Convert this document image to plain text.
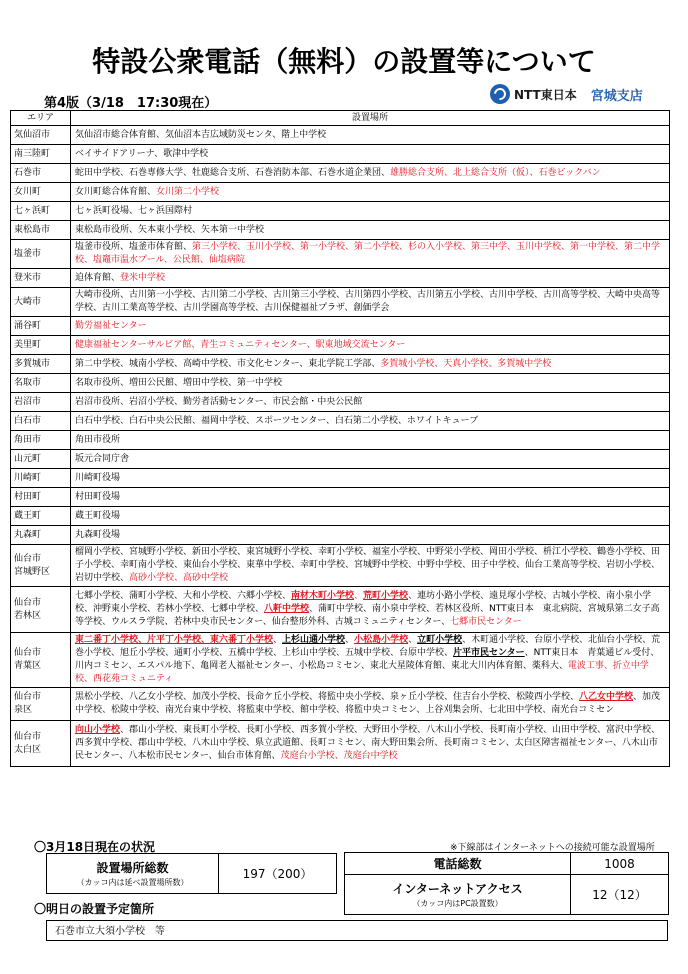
特設公衆電話（無料）の設置等について
第4版（3/18　17:30現在）
NTT東日本 宮城支店
エリア	設置場所
気仙沼市	気仙沼市総合体育館、気仙沼本吉広域防災センタ、階上中学校
南三陸町	ベイサイドアリーナ、歌津中学校
石巻市	蛇田中学校、石巻専修大学、牡鹿総合支所、石巻消防本部、石巻水道企業団、雄勝総合支所、北上総合支所（仮）、石巻ビックバン
女川町	女川町総合体育館、女川第二小学校
七ヶ浜町	七ヶ浜町役場、七ヶ浜国際村
東松島市	東松島市役所、矢本東小学校、矢本第一中学校
塩釜市	塩釜市役所、塩釜市体育館、第三小学校、玉川小学校、第一小学校、第二小学校、杉の入小学校、第三中学、玉川中学校、第一中学校、第二中学校、塩竈市温水プール、公民館、仙塩病院
登米市	迫体育館、登米中学校
大崎市	大崎市役所、古川第一小学校、古川第二小学校、古川第三小学校、古川第四小学校、古川第五小学校、古川中学校、古川高等学校、大崎中央高等学校、古川工業高等学校、古川学園高等学校、古川保健福祉プラザ、創価学会
涌谷町	勤労福祉センター
美里町	健康福祉センターサルビア館、青生コミュニティセンター、駅東地域交流センター
多賀城市	第二中学校、城南小学校、高崎中学校、市文化センター、東北学院工学部、多賀城小学校、天真小学校、多賀城中学校
名取市	名取市役所、増田公民館、増田中学校、第一中学校
岩沼市	岩沼市役所、岩沼小学校、勤労者活動センター、市民会館・中央公民館
白石市	白石中学校、白石中央公民館、福岡中学校、スポーツセンター、白石第二小学校、ホワイトキューブ
角田市	角田市役所
山元町	坂元合同庁舎
川崎町	川崎町役場
村田町	村田町役場
蔵王町	蔵王町役場
丸森町	丸森町役場
仙台市
宮城野区	榴岡小学校、宮城野小学校、新田小学校、東宮城野小学校、幸町小学校、福室小学校、中野栄小学校、岡田小学校、枡江小学校、鶴巻小学校、田子小学校、幸町南小学校、東仙台小学校、東華中学校、幸町中学校、宮城野中学校、中野中学校、田子中学校、仙台工業高等学校、岩切小学校、岩切中学校、高砂小学校、高砂中学校
仙台市
若林区	七郷小学校、蒲町小学校、大和小学校、六郷小学校、南材木町小学校、荒町小学校、連坊小路小学校、遠見塚小学校、古城小学校、南小泉小学校、沖野東小学校、若林小学校、七郷中学校、八軒中学校、蒲町中学校、南小泉中学校、若林区役所、NTT東日本　東北病院、宮城県第二女子高等学校、ウルスラ学院、若林中央市民センター、仙台整形外科、古城コミュニティセンター、七郷市民センター
仙台市
青葉区	東二番丁小学校、片平丁小学校、東六番丁小学校、上杉山通小学校、小松島小学校、立町小学校、木町通小学校、台原小学校、北仙台小学校、荒巻小学校、旭丘小学校、通町小学校、五橋中学校、上杉山中学校、五城中学校、台原中学校、片平市民センター、NTT東日本　青葉通ビル受付、川内コミセン、エスパル地下、亀岡老人福祉センター、小松島コミセン、東北大星陵体育館、東北大川内体育館、薬科大、電波工事、折立中学校、西花苑コミュニティ
仙台市
泉区	黒松小学校、八乙女小学校、加茂小学校、長命ケ丘小学校、将監中央小学校、泉ヶ丘小学校、住吉台小学校、松陵西小学校、八乙女中学校、加茂中学校、松陵中学校、南光台東中学校、将監東中学校、館中学校、将監中央コミセン、上谷刈集会所、七北田中学校、南光台コミセン
仙台市
太白区	向山小学校、郡山小学校、東長町小学校、長町小学校、西多賀小学校、大野田小学校、八木山小学校、長町南小学校、山田中学校、富沢中学校、西多賀中学校、郡山中学校、八木山中学校、県立武道館、長町コミセン、南大野田集会所、長町南コミセン、太白区障害福祉センター、八木山市民センター、八本松市民センター、仙台市体育館、茂庭台小学校、茂庭台中学校
〇3月18日現在の状況	※下線部はインターネットへの接続可能な設置場所
設置場所総数
（カッコ内は延べ設置場所数）
	197（200）
電話総数	1008

インターネットアクセス
（カッコ内はPC設置数）	12（12）
〇明日の設置予定箇所
石巻市立大須小学校　等
